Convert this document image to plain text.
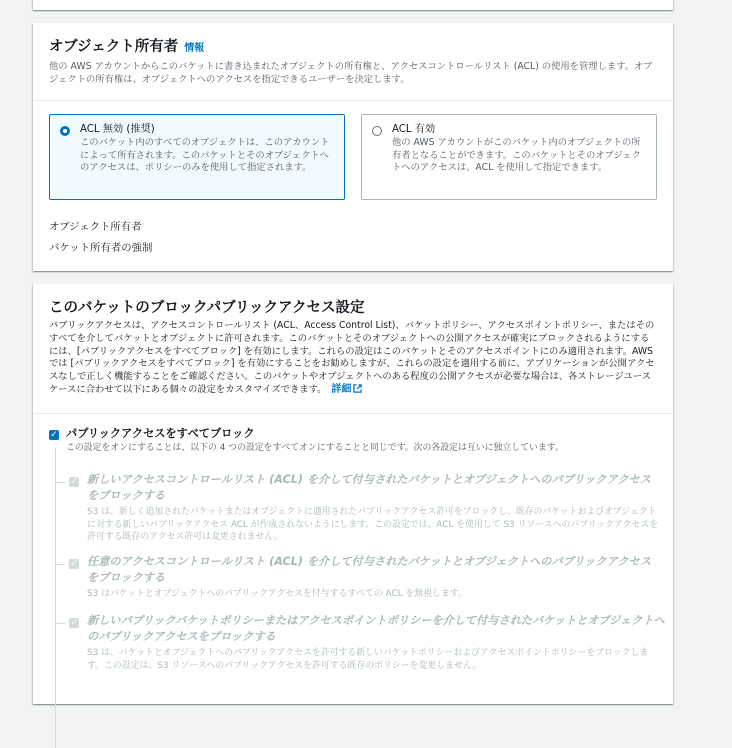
オブジェクト所有者 情報
他の AWS アカウントからこのバケットに書き込まれたオブジェクトの所有権と、アクセスコントロールリスト (ACL) の使用を管理します。オブジェクトの所有権は、オブジェクトへのアクセスを指定できるユーザーを決定します。
ACL 無効 (推奨)
このバケット内のすべてのオブジェクトは、このアカウントによって所有されます。このバケットとそのオブジェクトへのアクセスは、ポリシーのみを使用して指定されます。
ACL 有効
他の AWS アカウントがこのバケット内のオブジェクトの所有者となることができます。このバケットとそのオブジェクトへのアクセスは、ACL を使用して指定できます。
オブジェクト所有者
バケット所有者の強制
このバケットのブロックパブリックアクセス設定
パブリックアクセスは、アクセスコントロールリスト (ACL、Access Control List)、バケットポリシー、アクセスポイントポリシー、またはそのすべてを介してバケットとオブジェクトに許可されます。このバケットとそのオブジェクトへの公開アクセスが確実にブロックされるようにするには、[パブリックアクセスをすべてブロック] を有効にします。これらの設定はこのバケットとそのアクセスポイントにのみ適用されます。AWS では [パブリックアクセスをすべてブロック] を有効にすることをお勧めしますが、これらの設定を適用する前に、アプリケーションが公開アクセスなしで正しく機能することをご確認ください。このバケットやオブジェクトへのある程度の公開アクセスが必要な場合は、各ストレージユースケースに合わせて以下にある個々の設定をカスタマイズできます。 詳細
✓ パブリックアクセスをすべてブロック
この設定をオンにすることは、以下の 4 つの設定をすべてオンにすることと同じです。次の各設定は互いに独立しています。
✓ 新しいアクセスコントロールリスト (ACL) を介して付与されたバケットとオブジェクトへのパブリックアクセスをブロックする
S3 は、新しく追加されたバケットまたはオブジェクトに適用されたパブリックアクセス許可をブロックし、既存のバケットおよびオブジェクトに対する新しいパブリックアクセス ACL が作成されないようにします。この設定では、ACL を使用して S3 リソースへのパブリックアクセスを許可する既存のアクセス許可は変更されません。
✓ 任意のアクセスコントロールリスト (ACL) を介して付与されたバケットとオブジェクトへのパブリックアクセスをブロックする
S3 はバケットとオブジェクトへのパブリックアクセスを付与するすべての ACL を無視します。
✓ 新しいパブリックバケットポリシーまたはアクセスポイントポリシーを介して付与されたバケットとオブジェクトへのパブリックアクセスをブロックする
S3 は、バケットとオブジェクトへのパブリックアクセスを許可する新しいバケットポリシーおよびアクセスポイントポリシーをブロックします。この設定は、S3 リソースへのパブリックアクセスを許可する既存のポリシーを変更しません。
